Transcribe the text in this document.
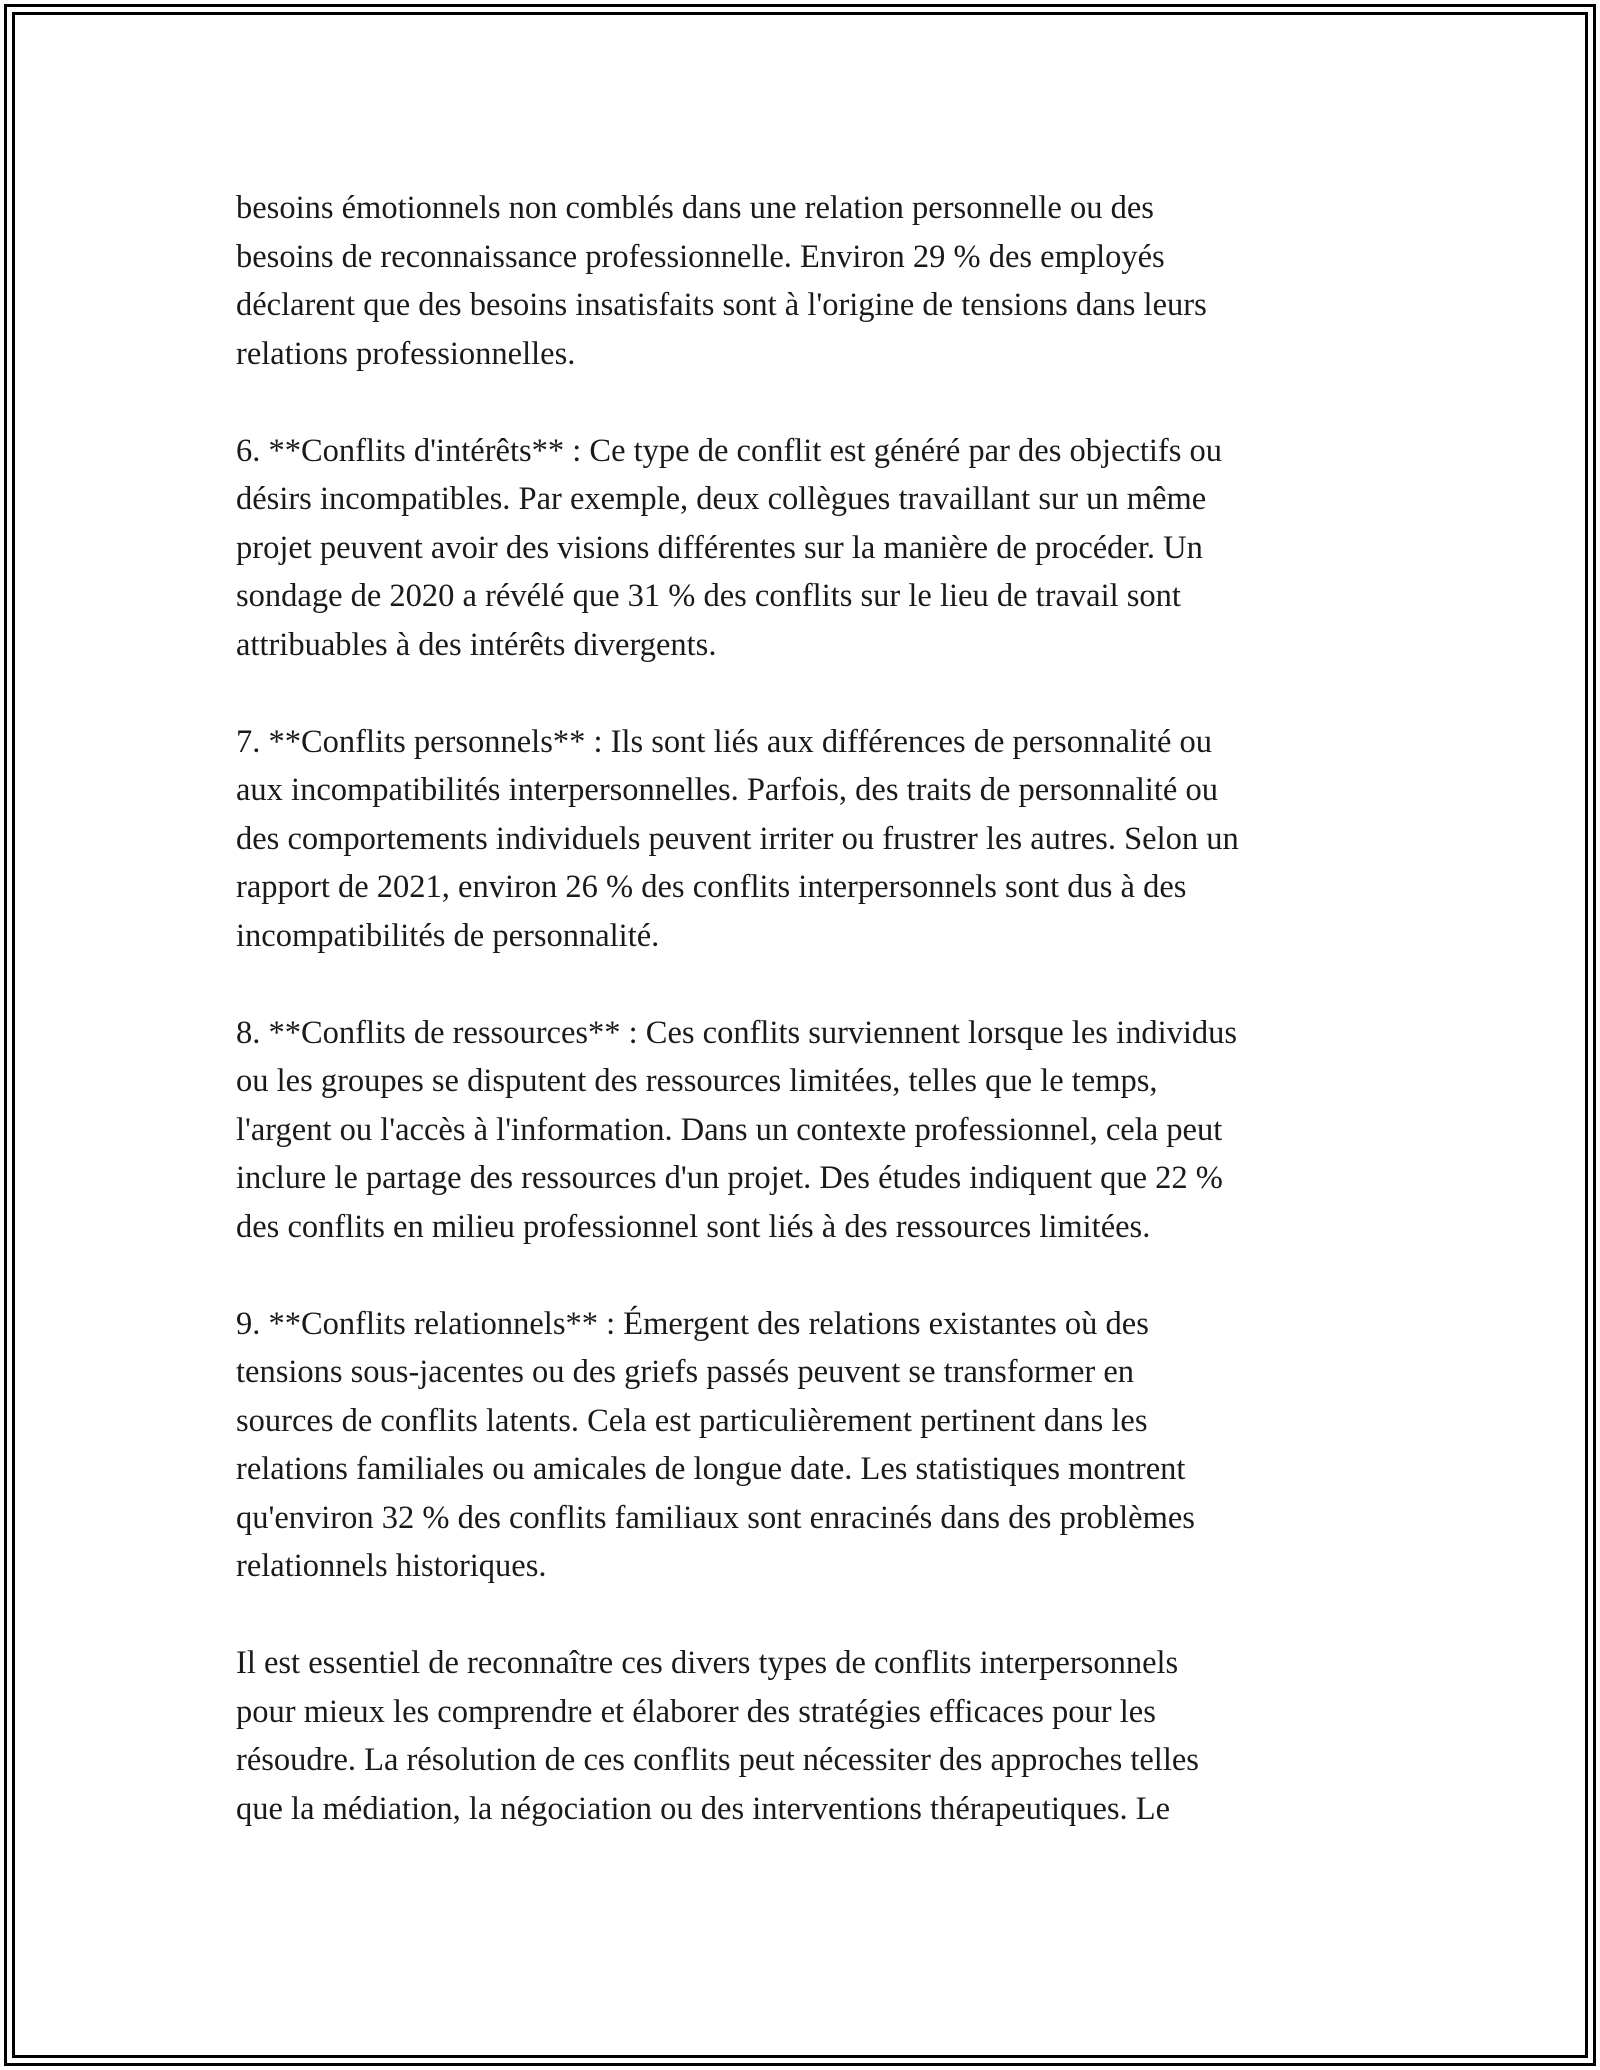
besoins émotionnels non comblés dans une relation personnelle ou des
besoins de reconnaissance professionnelle. Environ 29 % des employés
déclarent que des besoins insatisfaits sont à l'origine de tensions dans leurs
relations professionnelles.

6. **Conflits d'intérêts** : Ce type de conflit est généré par des objectifs ou
désirs incompatibles. Par exemple, deux collègues travaillant sur un même
projet peuvent avoir des visions différentes sur la manière de procéder. Un
sondage de 2020 a révélé que 31 % des conflits sur le lieu de travail sont
attribuables à des intérêts divergents.

7. **Conflits personnels** : Ils sont liés aux différences de personnalité ou
aux incompatibilités interpersonnelles. Parfois, des traits de personnalité ou
des comportements individuels peuvent irriter ou frustrer les autres. Selon un
rapport de 2021, environ 26 % des conflits interpersonnels sont dus à des
incompatibilités de personnalité.

8. **Conflits de ressources** : Ces conflits surviennent lorsque les individus
ou les groupes se disputent des ressources limitées, telles que le temps,
l'argent ou l'accès à l'information. Dans un contexte professionnel, cela peut
inclure le partage des ressources d'un projet. Des études indiquent que 22 %
des conflits en milieu professionnel sont liés à des ressources limitées.

9. **Conflits relationnels** : Émergent des relations existantes où des
tensions sous-jacentes ou des griefs passés peuvent se transformer en
sources de conflits latents. Cela est particulièrement pertinent dans les
relations familiales ou amicales de longue date. Les statistiques montrent
qu'environ 32 % des conflits familiaux sont enracinés dans des problèmes
relationnels historiques.

Il est essentiel de reconnaître ces divers types de conflits interpersonnels
pour mieux les comprendre et élaborer des stratégies efficaces pour les
résoudre. La résolution de ces conflits peut nécessiter des approches telles
que la médiation, la négociation ou des interventions thérapeutiques. Le
